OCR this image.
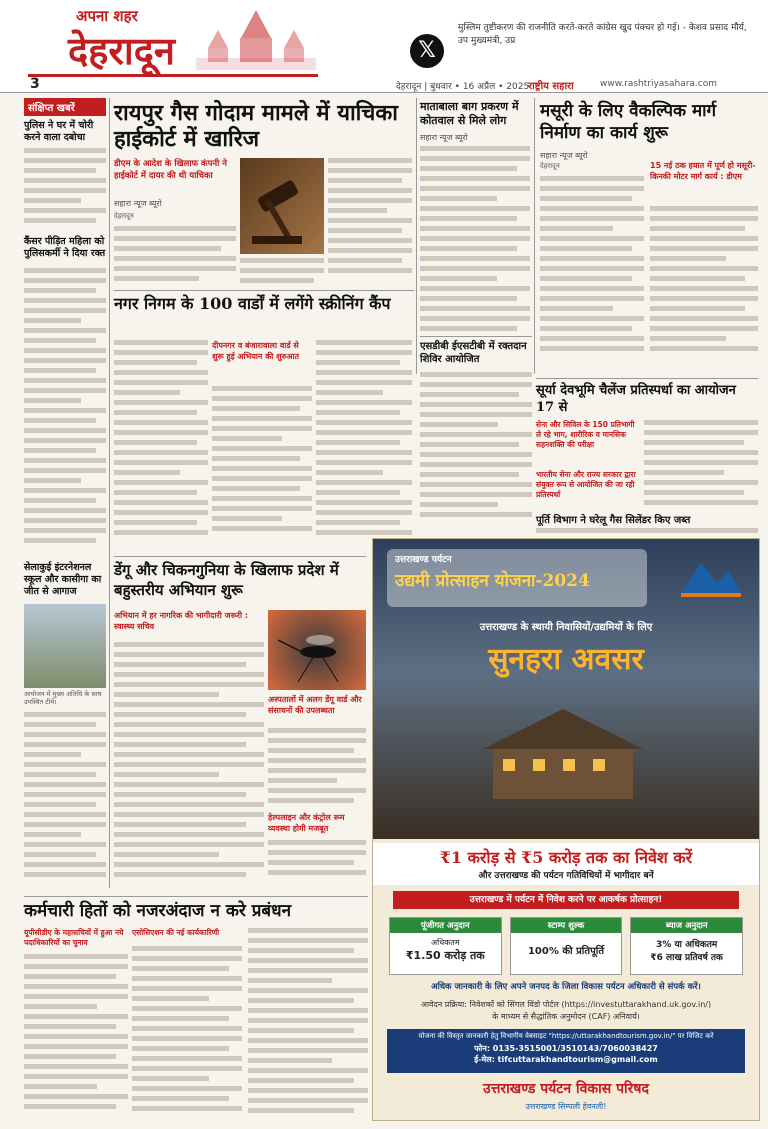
अपना शहर
देहरादून	𝕏
मुस्लिम तुष्टीकरण की राजनीति करते-करते कांग्रेस खुद पंक्चर हो गई। - केशव प्रसाद मौर्य, उप मुख्यमंत्री, उप्र
3	देहरादून | बुधवार • 16 अप्रैल • 2025
राष्ट्रीय सहारा	www.rashtriyasahara.com
संक्षिप्त खबरें
पुलिस ने घर में चोरी करने वाला दबोचा
कैंसर पीड़ित महिला को पुलिसकर्मी ने दिया रक्त
सेलाकुई इंटरनेशनल स्कूल और कासीगा का जीत से आगाज
आयोजन में मुख्य अतिथि के साथ उपस्थित टीमें।
रायपुर गैस गोदाम मामले में याचिका हाईकोर्ट में खारिज
डीएम के आदेश के खिलाफ कंपनी ने हाईकोर्ट में दायर की थी याचिका
सहारा न्यूज ब्यूरो
देहरादून
नगर निगम के 100 वार्डों में लगेंगे स्क्रीनिंग कैंप
दीपनगर व बंजारावाला वार्ड से शुरू हुई अभियान की शुरुआत
डेंगू और चिकनगुनिया के खिलाफ प्रदेश में बहुस्तरीय अभियान शुरू
अभियान में हर नागरिक की भागीदारी जरूरी : स्वास्थ्य सचिव
अस्पतालों में अलग डेंगू वार्ड और संसाधनों की उपलब्धता
हेल्पलाइन और कंट्रोल रूम व्यवस्था होगी मजबूत
माताबाला बाग प्रकरण में कोतवाल से मिले लोग
सहारा न्यूज ब्यूरो
मसूरी के लिए वैकल्पिक मार्ग निर्माण का कार्य शुरू
सहारा न्यूज ब्यूरो
देहरादून	15 नई ठक हयात में पूर्ण हो मसूरी-किनकी मोटर मार्ग कार्य : डीएम
एसडीबी ईएसटीबी में रक्तदान शिविर आयोजित
सूर्या देवभूमि चैलेंज प्रतिस्पर्धा का आयोजन 17 से
सेना और सिविल के 150 प्रतिभागी ले रहे भाग, शारीरिक व मानसिक सहनशक्ति की परीक्षा
भारतीय सेना और राज्य सरकार द्वारा संयुक्त रूप से आयोजित की जा रही प्रतिस्पर्धा
पूर्ति विभाग ने घरेलू गैस सिलेंडर किए जब्त
उत्तराखण्ड पर्यटन
उद्यमी प्रोत्साहन योजना-2024
उत्तराखण्ड के स्थायी निवासियों/उद्यमियों के लिए
सुनहरा अवसर
₹1 करोड़ से ₹5 करोड़ तक का निवेश करें
और उत्तराखण्ड की पर्यटन गतिविधियों में भागीदार बनें
उत्तराखण्ड में पर्यटन में निवेश करने पर आकर्षक प्रोत्साहन!
पूंजीगत अनुदान
अधिकतम
₹1.50 करोड़ तक
स्टाम्प शुल्क
100% की प्रतिपूर्ति
ब्याज अनुदान
3% या अधिकतम
₹6 लाख प्रतिवर्ष तक
अधिक जानकारी के लिए अपने जनपद के जिला विकास पर्यटन अधिकारी से संपर्क करें।
आवेदन प्रक्रिया: निवेशकों को सिंगल विंडो पोर्टल (https://investuttarakhand.uk.gov.in/)
के माध्यम से सैद्धांतिक अनुमोदन (CAF) अनिवार्य।
योजना की विस्तृत जानकारी हेतु विभागीय वेबसाइट "https://uttarakhandtourism.gov.in/" पर विजिट करें
फोन: 0135-3515001/3510143/7060038427
ई-मेल: tifcuttarakhandtourism@gmail.com
उत्तराखण्ड पर्यटन विकास परिषद
उत्तराखण्ड सिम्पली हेवनली!
कर्मचारी हितों को नजरअंदाज न करे प्रबंधन
यूपीसीडीए के महासचिवों में हुआ नये पदाधिकारियों का चुनाव
एसोसिएशन की नई कार्यकारिणी
